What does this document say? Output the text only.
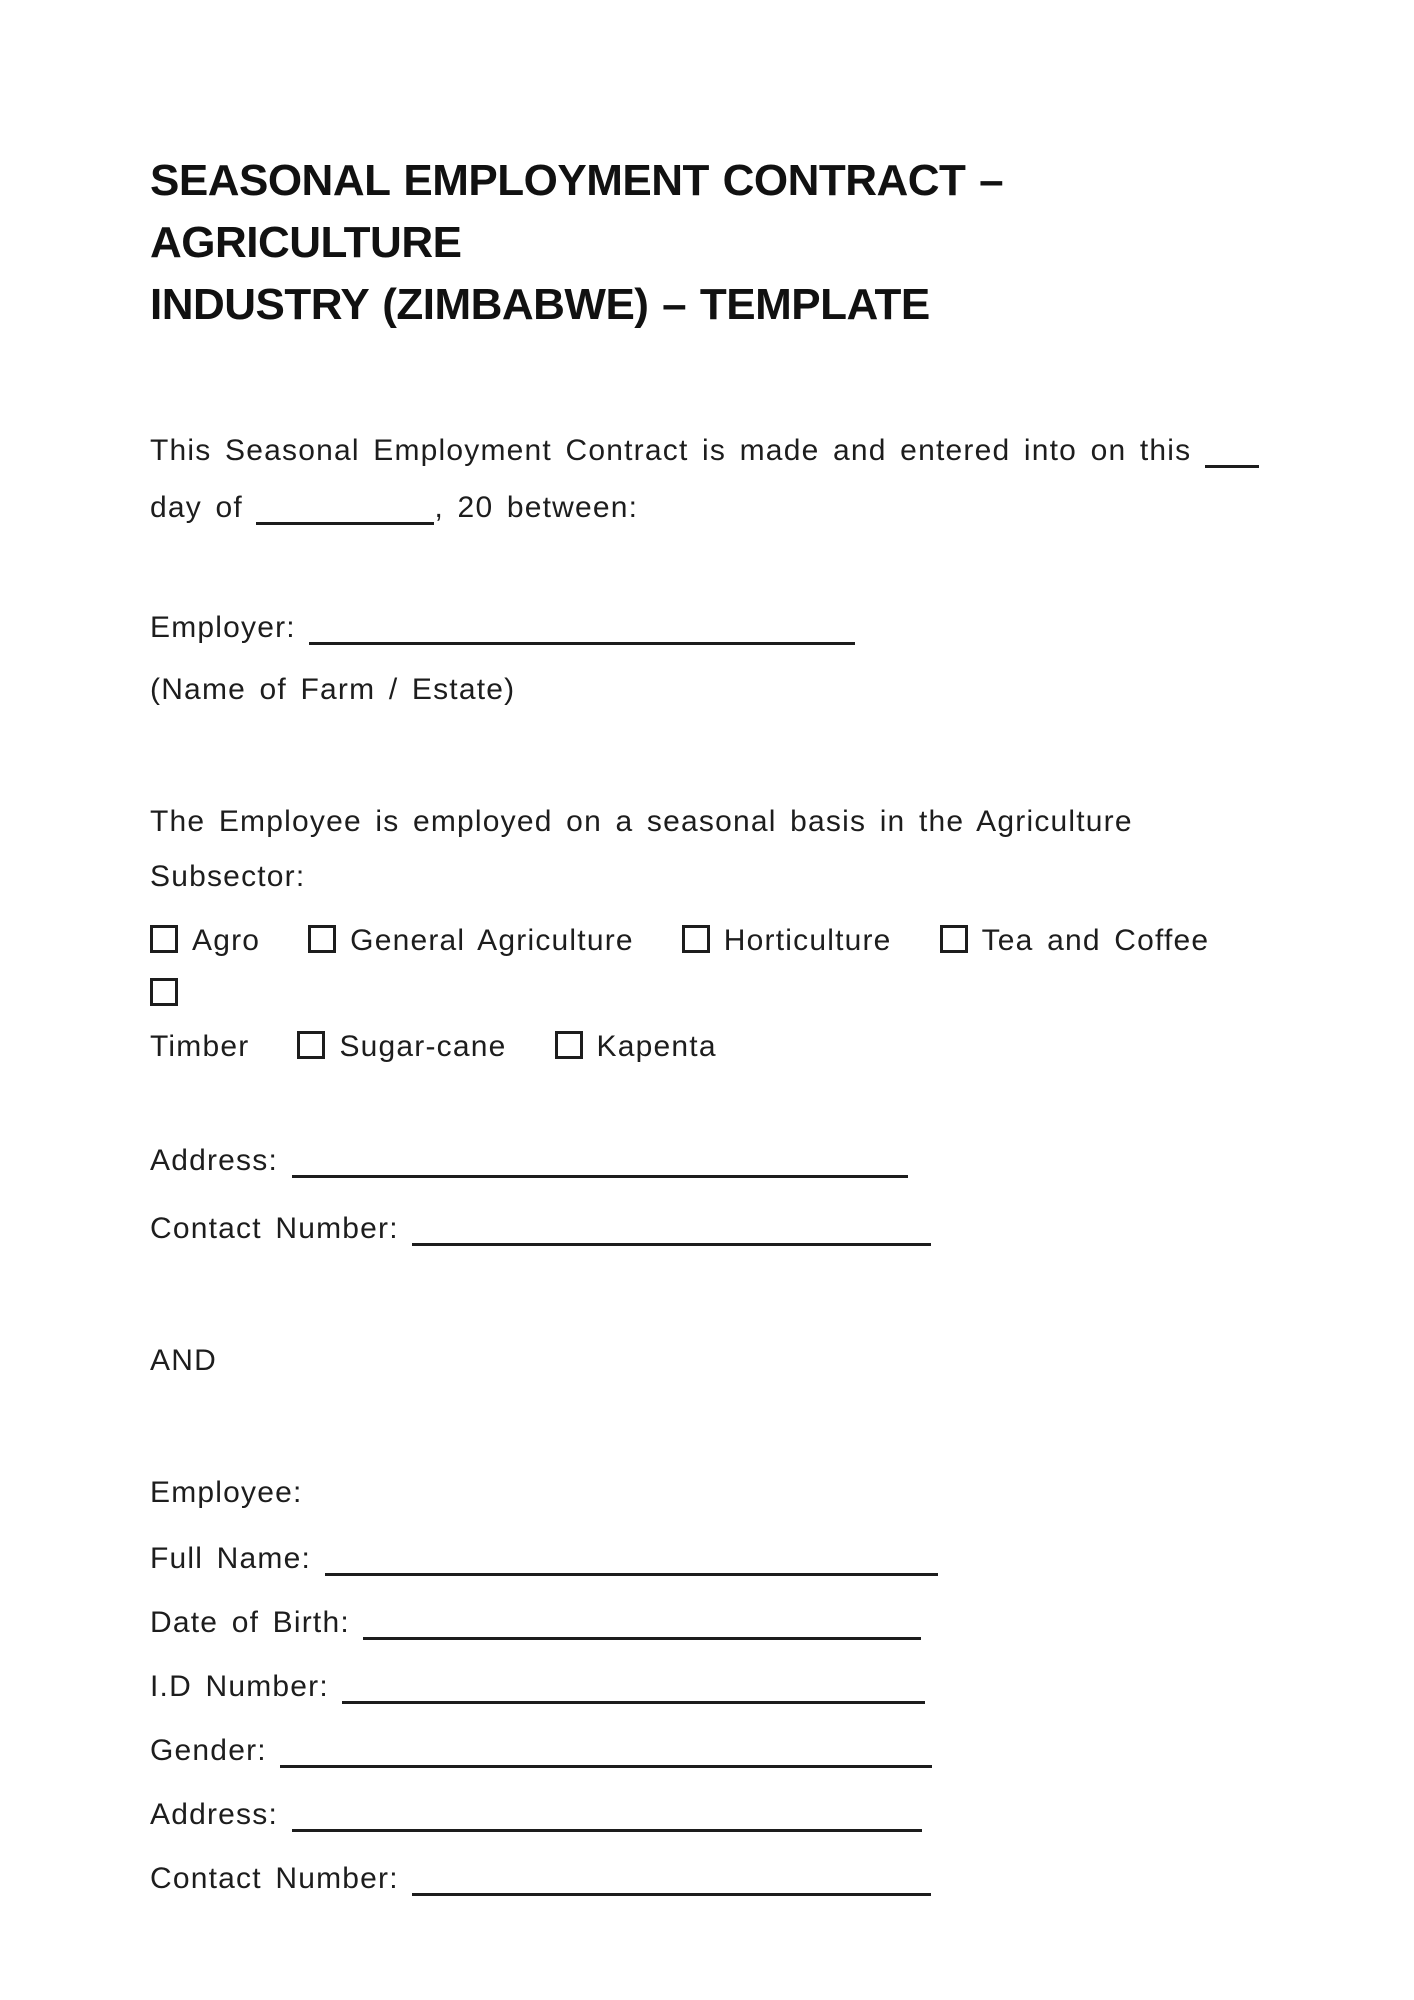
SEASONAL EMPLOYMENT CONTRACT – AGRICULTURE
INDUSTRY (ZIMBABWE) – TEMPLATE
This Seasonal Employment Contract is made and entered into on this
day of	, 20 between:
Employer:
(Name of Farm / Estate)
The Employee is employed on a seasonal basis in the Agriculture
Subsector:
Agro	General Agriculture	Horticulture	Tea and Coffee
Timber	Sugar-cane	Kapenta
Address:
Contact Number:
AND
Employee:
Full Name:
Date of Birth:
I.D Number:
Gender:
Address:
Contact Number:
